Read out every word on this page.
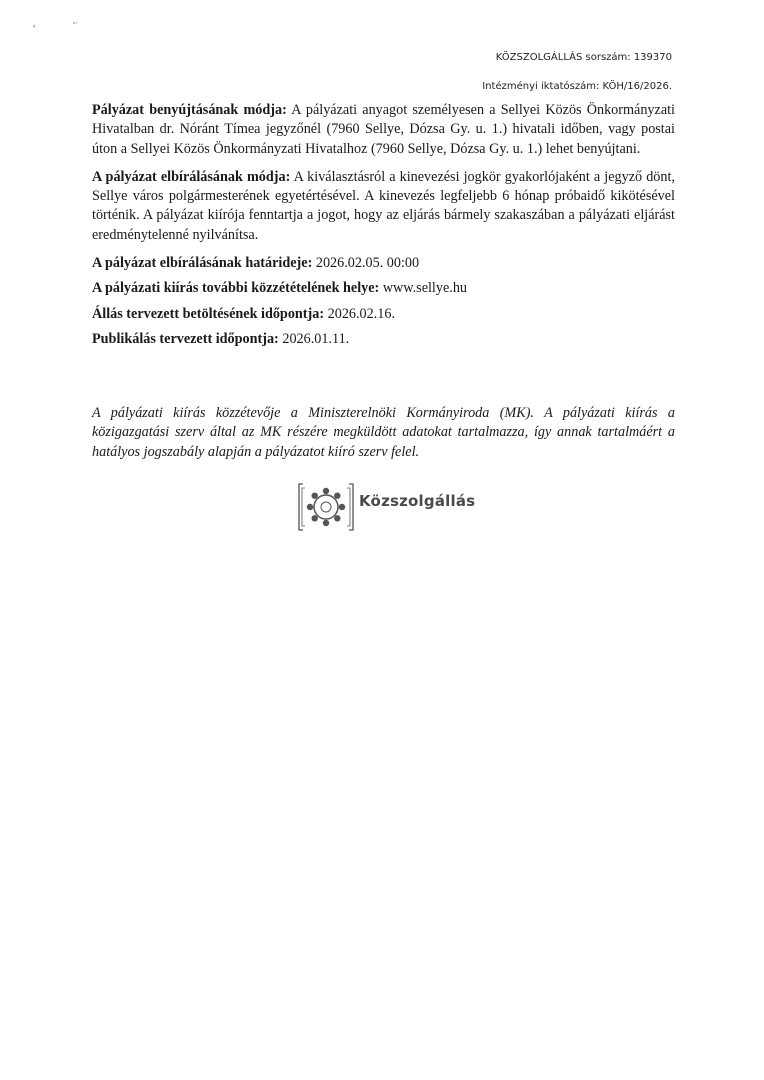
ᵍ	ᵐ
KÖZSZOLGÁLLÁS sorszám: 139370
Intézményi iktatószám: KÖH/16/2026.

Pályázat benyújtásának módja: A pályázati anyagot személyesen a Sellyei Közös Önkormányzati Hivatalban dr. Nóránt Tímea jegyzőnél (7960 Sellye, Dózsa Gy. u. 1.) hivatali időben, vagy postai úton a Sellyei Közös Önkormányzati Hivatalhoz (7960 Sellye, Dózsa Gy. u. 1.) lehet benyújtani.

A pályázat elbírálásának módja: A kiválasztásról a kinevezési jogkör gyakorlójaként a jegyző dönt, Sellye város polgármesterének egyetértésével. A kinevezés legfeljebb 6 hónap próbaidő kikötésével történik. A pályázat kiírója fenntartja a jogot, hogy az eljárás bármely szakaszában a pályázati eljárást eredménytelenné nyilvánítsa.

A pályázat elbírálásának határideje: 2026.02.05. 00:00

A pályázati kiírás további közzétételének helye: www.sellye.hu

Állás tervezett betöltésének időpontja: 2026.02.16.

Publikálás tervezett időpontja: 2026.01.11.

A pályázati kiírás közzétevője a Miniszterelnöki Kormányiroda (MK). A pályázati kiírás a közigazgatási szerv által az MK részére megküldött adatokat tartalmazza, így annak tartalmáért a hatályos jogszabály alapján a pályázatot kiíró szerv felel.

Közszolgállás
